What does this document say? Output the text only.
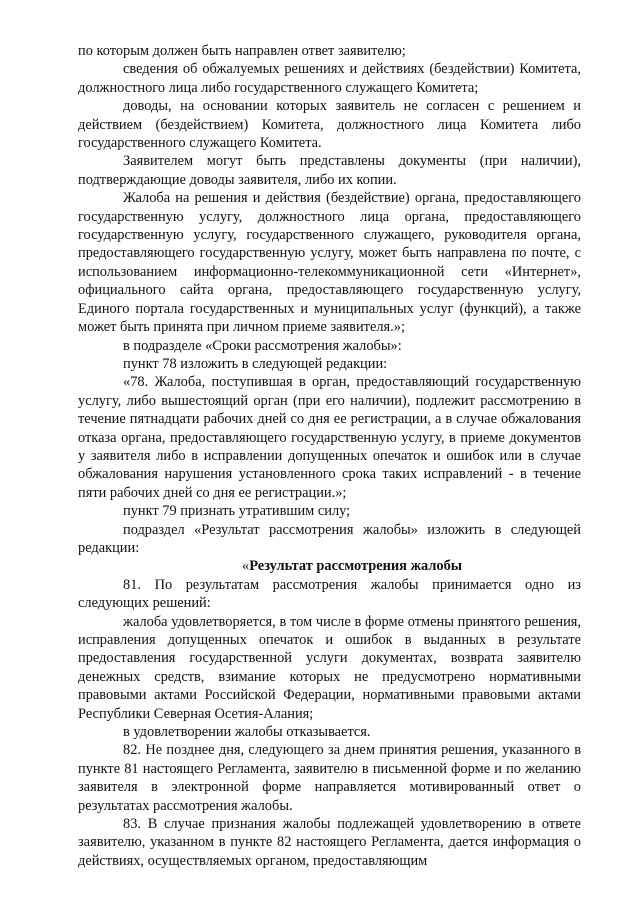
по которым должен быть направлен ответ заявителю;

сведения об обжалуемых решениях и действиях (бездействии) Комитета, должностного лица либо государственного служащего Комитета;

доводы, на основании которых заявитель не согласен с решением и действием (бездействием) Комитета, должностного лица Комитета либо государственного служащего Комитета.

Заявителем могут быть представлены документы (при наличии), подтверждающие доводы заявителя, либо их копии.

Жалоба на решения и действия (бездействие) органа, предоставляющего государственную услугу, должностного лица органа, предоставляющего государственную услугу, государственного служащего, руководителя органа, предоставляющего государственную услугу, может быть направлена по почте, с использованием информационно-телекоммуникационной сети «Интернет», официального сайта органа, предоставляющего государственную услугу, Единого портала государственных и муниципальных услуг (функций), а также может быть принята при личном приеме заявителя.»;

в подразделе «Сроки рассмотрения жалобы»:

пункт 78 изложить в следующей редакции:

«78. Жалоба, поступившая в орган, предоставляющий государственную услугу, либо вышестоящий орган (при его наличии), подлежит рассмотрению в течение пятнадцати рабочих дней со дня ее регистрации, а в случае обжалования отказа органа, предоставляющего государственную услугу, в приеме документов у заявителя либо в исправлении допущенных опечаток и ошибок или в случае обжалования нарушения установленного срока таких исправлений - в течение пяти рабочих дней со дня ее регистрации.»;

пункт 79 признать утратившим силу;

подраздел «Результат рассмотрения жалобы» изложить в следующей редакции:

«Результат рассмотрения жалобы

81. По результатам рассмотрения жалобы принимается одно из следующих решений:

жалоба удовлетворяется, в том числе в форме отмены принятого решения, исправления допущенных опечаток и ошибок в выданных в результате предоставления государственной услуги документах, возврата заявителю денежных средств, взимание которых не предусмотрено нормативными правовыми актами Российской Федерации, нормативными правовыми актами Республики Северная Осетия-Алания;

в удовлетворении жалобы отказывается.

82. Не позднее дня, следующего за днем принятия решения, указанного в пункте 81 настоящего Регламента, заявителю в письменной форме и по желанию заявителя в электронной форме направляется мотивированный ответ о результатах рассмотрения жалобы.

83. В случае признания жалобы подлежащей удовлетворению в ответе заявителю, указанном в пункте 82 настоящего Регламента, дается информация о действиях, осуществляемых органом, предоставляющим
